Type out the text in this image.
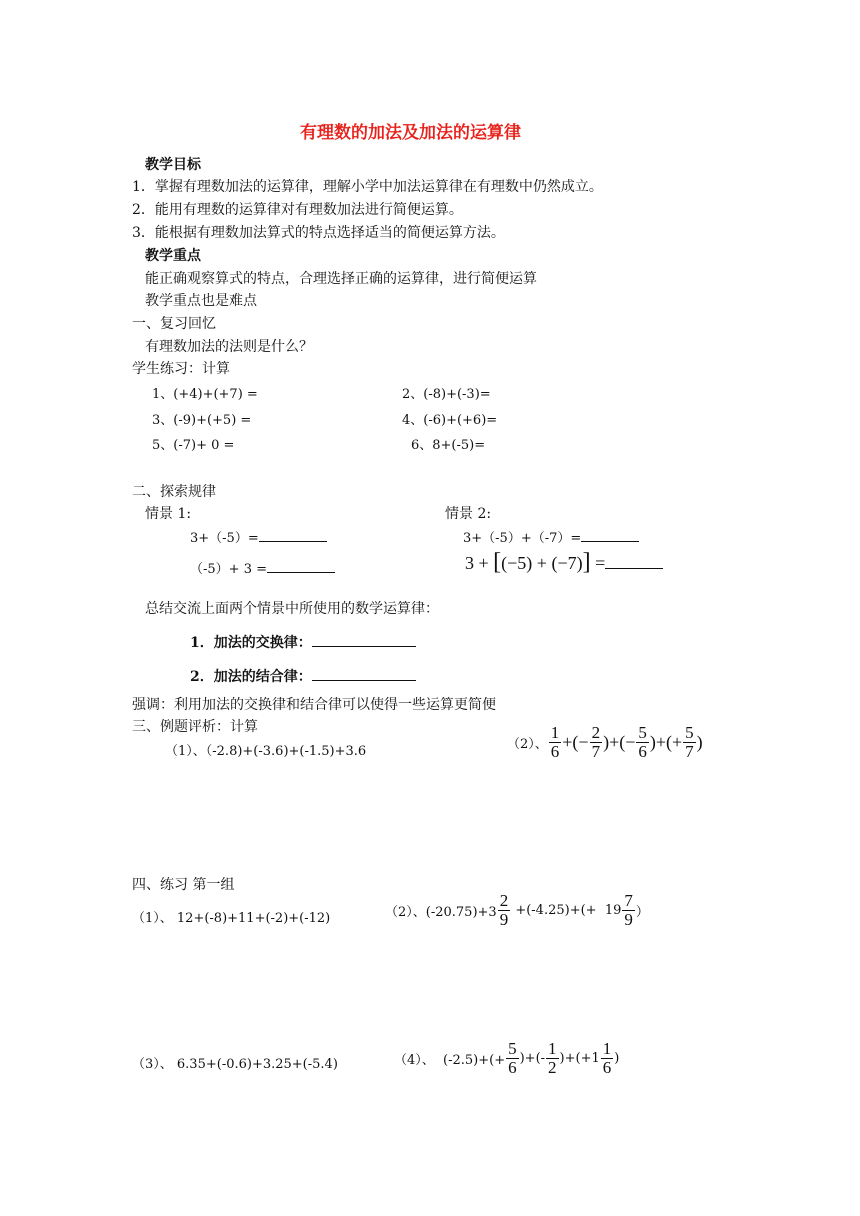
有理数的加法及加法的运算律
教学目标
1．掌握有理数加法的运算律，理解小学中加法运算律在有理数中仍然成立。
2．能用有理数的运算律对有理数加法进行简便运算。
3．能根据有理数加法算式的特点选择适当的简便运算方法。
教学重点
能正确观察算式的特点，合理选择正确的运算律，进行简便运算
教学重点也是难点
一、复习回忆
有理数加法的法则是什么？
学生练习：计算
1、(+4)+(+7) =	2、(-8)+(-3)=
3、(-9)+(+5) =	4、(-6)+(+6)=
5、(-7)+ 0 =	6、8+(-5)=
二、探索规律
情景 1:	情景 2:
3+（-5）=
（-5）+ 3 =
3+（-5）+（-7）=
3 + [(−5) + (−7)] =
总结交流上面两个情景中所使用的数学运算律：
1．加法的交换律：
2．加法的结合律：
强调：利用加法的交换律和结合律可以使得一些运算更简便
三、例题评析：计算
（1）、（-2.8)+(-3.6)+(-1.5)+3.6	（2）、 $\frac{1}{6}$ +(− $\frac{2}{7}$ )+(− $\frac{5}{6}$ )+(+ $\frac{5}{7}$ )
四、练习 第一组
（1）、 12+(-8)+11+(-2)+(-12)	（2）、$(-20.75)+3 \frac{2}{9} +(-4.25)+(+ 19 \frac{7}{9}$ ）
（3）、 6.35+(-0.6)+3.25+(-5.4)	（4）、  $(-2.5)+(+ \frac{5}{6}$ )+(- $\frac{1}{2} )+(+1 \frac{1}{6}$ )
